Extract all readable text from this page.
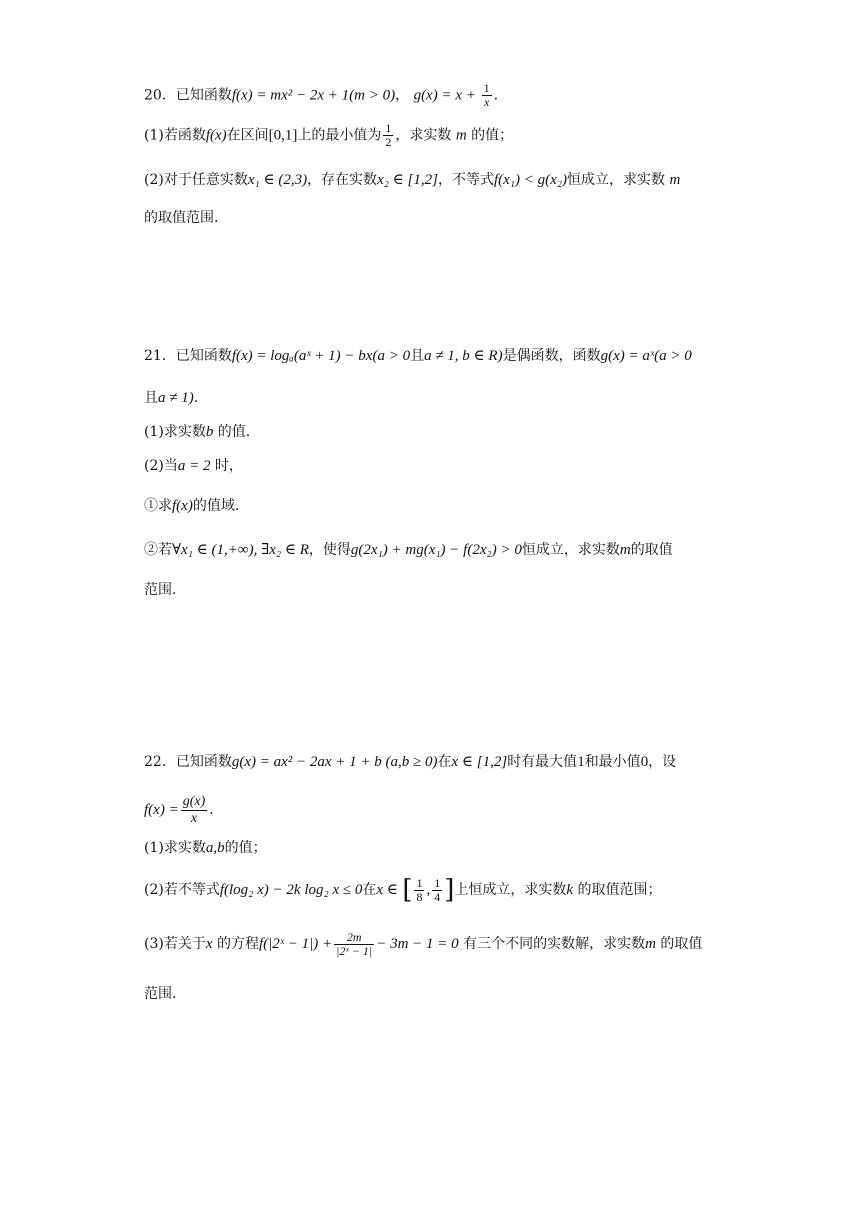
20．已知函数f(x) = mx² − 2x + 1(m > 0)， $g(x) = x + \frac{1}{x}$ .
(1)若函数f(x)在区间[0,1]上的最小值为 $\frac{1}{2}$ ，求实数 m 的值；
(2)对于任意实数x₁ ∈ (2,3)，存在实数x₂ ∈ [1,2]，不等式f(x₁) < g(x₂)恒成立，求实数 m
的取值范围.
21．已知函数f(x) = logₐ(aˣ + 1) − bx(a > 0且a ≠ 1, b ∈ R)是偶函数，函数g(x) = aˣ(a > 0
且a ≠ 1).
(1)求实数b 的值.
(2)当a = 2 时，
①求f(x)的值域.
②若∀x₁ ∈ (1,+∞), ∃x₂ ∈ R，使得g(2x₁) + mg(x₁) − f(2x₂) > 0恒成立，求实数m的取值
范围.
22．已知函数g(x) = ax² − 2ax + 1 + b (a,b ≥ 0)在x ∈ [1,2]时有最大值1和最小值0，设
$f(x) = \frac{g(x)}{x}$ .
(1)求实数a,b的值；
(2)若不等式f(log₂ x) − 2k log₂ x ≤ 0在x ∈ [ $\frac{1}{8}$ , $\frac{1}{4}$ ]上恒成立，求实数k 的取值范围；
(3)若关于x 的方程f(|2ˣ − $1|) + \frac{2m}{\text{|2ˣ − 1|}} - 3m - 1 = 0$ 有三个不同的实数解，求实数m 的取值
范围.
